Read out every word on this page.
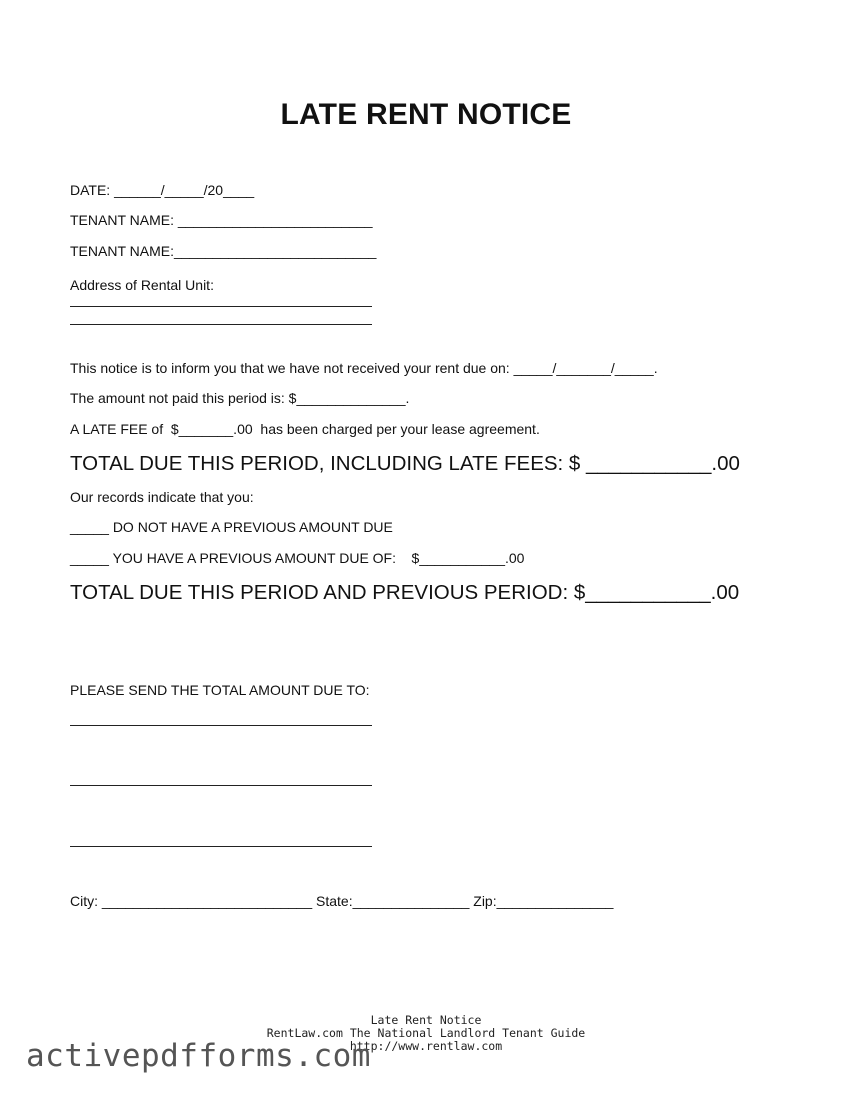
LATE RENT NOTICE
DATE: ______/_____/20____
TENANT NAME: _________________________
TENANT NAME:__________________________
Address of Rental Unit:
This notice is to inform you that we have not received your rent due on: _____/_______/_____.
The amount not paid this period is: $______________.
A LATE FEE of  $_______.00  has been charged per your lease agreement.
TOTAL DUE THIS PERIOD, INCLUDING LATE FEES: $ ___________.00
Our records indicate that you:
_____ DO NOT HAVE A PREVIOUS AMOUNT DUE
_____ YOU HAVE A PREVIOUS AMOUNT DUE OF:    $___________.00
TOTAL DUE THIS PERIOD AND PREVIOUS PERIOD: $___________.00
PLEASE SEND THE TOTAL AMOUNT DUE TO:
City: ___________________________ State:_______________ Zip:_______________
Late Rent Notice
RentLaw.com The National Landlord Tenant Guide
http://www.rentlaw.com
activepdfforms.com
